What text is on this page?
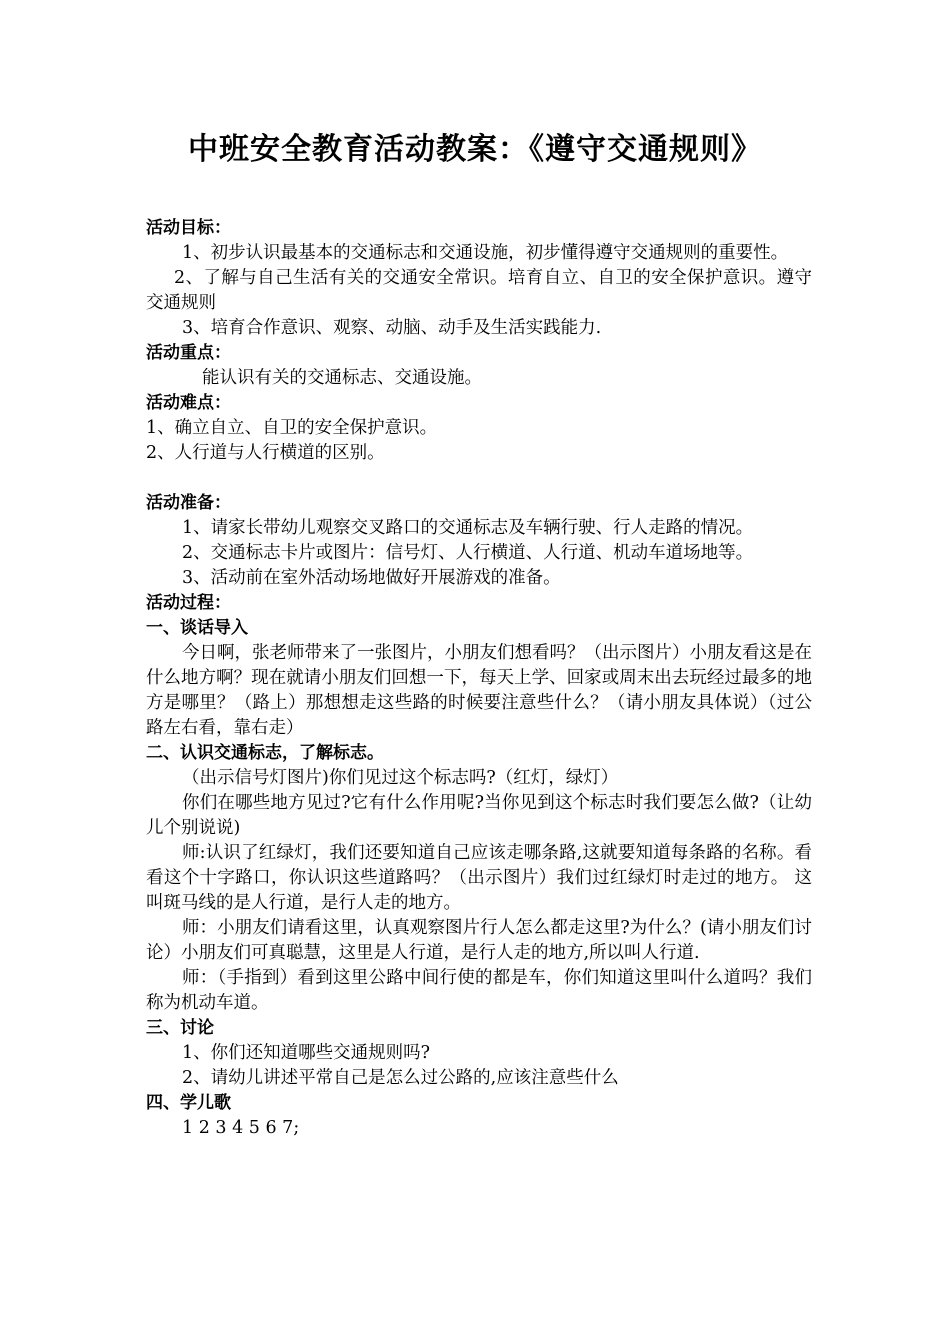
中班安全教育活动教案：《遵守交通规则》
活动目标：

1、初步认识最基本的交通标志和交通设施，初步懂得遵守交通规则的重要性。

2、了解与自己生活有关的交通安全常识。培育自立、自卫的安全保护意识。遵守交通规则

3、培育合作意识、观察、动脑、动手及生活实践能力.

活动重点：

能认识有关的交通标志、交通设施。

活动难点：

1、确立自立、自卫的安全保护意识。

2、人行道与人行横道的区别。

活动准备：

1、请家长带幼儿观察交叉路口的交通标志及车辆行驶、行人走路的情况。

2、交通标志卡片或图片：信号灯、人行横道、人行道、机动车道场地等。

3、活动前在室外活动场地做好开展游戏的准备。

活动过程：
一、谈话导入

今日啊，张老师带来了一张图片，小朋友们想看吗？（出示图片）小朋友看这是在什么地方啊？现在就请小朋友们回想一下，每天上学、回家或周末出去玩经过最多的地方是哪里？（路上）那想想走这些路的时候要注意些什么？（请小朋友具体说）（过公路左右看，靠右走）

二、认识交通标志，了解标志。

（出示信号灯图片)你们见过这个标志吗?（红灯，绿灯）

你们在哪些地方见过?它有什么作用呢?当你见到这个标志时我们要怎么做?（让幼儿个别说说)

师:认识了红绿灯，我们还要知道自己应该走哪条路,这就要知道每条路的名称。看看这个十字路口，你认识这些道路吗？（出示图片）我们过红绿灯时走过的地方。 这叫斑马线的是人行道，是行人走的地方。

师：小朋友们请看这里，认真观察图片行人怎么都走这里?为什么？(请小朋友们讨论）小朋友们可真聪慧，这里是人行道，是行人走的地方,所以叫人行道.

师：（手指到）看到这里公路中间行使的都是车，你们知道这里叫什么道吗？我们称为机动车道。

三、讨论

1、你们还知道哪些交通规则吗?

2、请幼儿讲述平常自己是怎么过公路的,应该注意些什么

四、学儿歌

1 2 3 4 5 6 7;
